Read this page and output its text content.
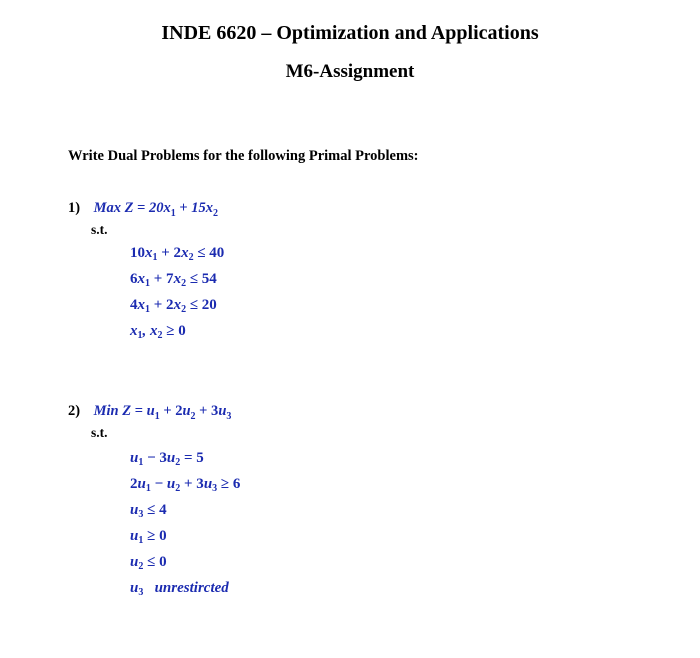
INDE 6620 – Optimization and Applications
M6-Assignment
Write Dual Problems for the following Primal Problems:
1) Max $Z = 20x_1 + 15x_2$
s.t.
$10x_1 + 2x_2 \le 40$
$6x_1 + 7x_2 \le 54$
$4x_1 + 2x_2 \le 20$
$x_1$, $x_2 \ge 0$
2) Min $Z = u_1 + 2u_2 + 3u_3$
s.t.
$u_1 - 3u_2 = 5$
$2u_1 - u_2 + 3u_3 \ge 6$
$u_3 \le 4$
$u_1 \ge 0$
$u_2 \le 0$
$u_3$ unrestircted
